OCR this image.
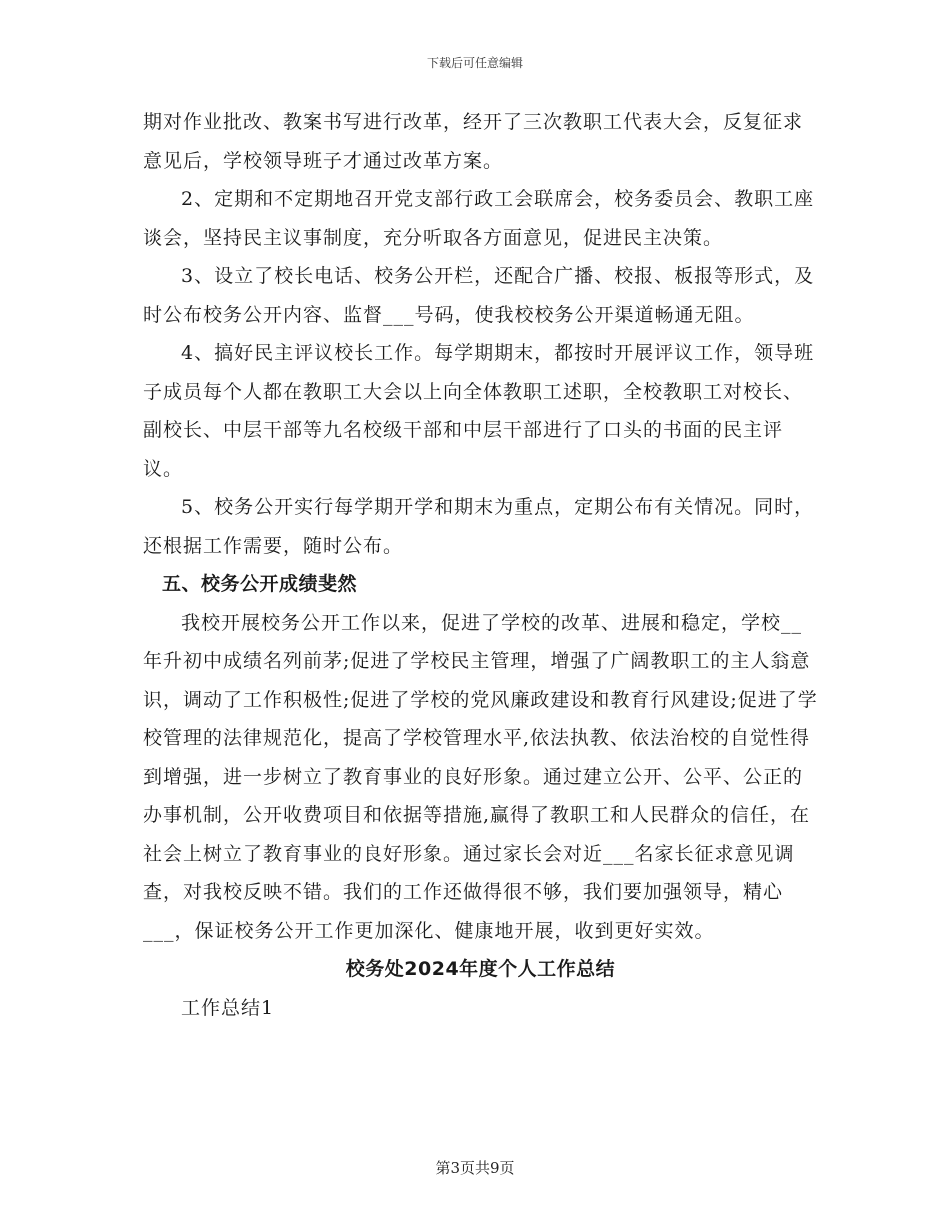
下载后可任意编辑

期对作业批改、教案书写进行改革，经开了三次教职工代表大会，反复征求意见后，学校领导班子才通过改革方案。

2、定期和不定期地召开党支部行政工会联席会，校务委员会、教职工座谈会，坚持民主议事制度，充分听取各方面意见，促进民主决策。

3、设立了校长电话、校务公开栏，还配合广播、校报、板报等形式，及时公布校务公开内容、监督___号码，使我校校务公开渠道畅通无阻。

4、搞好民主评议校长工作。每学期期末，都按时开展评议工作，领导班子成员每个人都在教职工大会以上向全体教职工述职，全校教职工对校长、副校长、中层干部等九名校级干部和中层干部进行了口头的书面的民主评议。

5、校务公开实行每学期开学和期末为重点，定期公布有关情况。同时，还根据工作需要，随时公布。

五、校务公开成绩斐然

我校开展校务公开工作以来，促进了学校的改革、进展和稳定，学校__年升初中成绩名列前茅;促进了学校民主管理，增强了广阔教职工的主人翁意识，调动了工作积极性;促进了学校的党风廉政建设和教育行风建设;促进了学校管理的法律规范化，提高了学校管理水平,依法执教、依法治校的自觉性得到增强，进一步树立了教育事业的良好形象。通过建立公开、公平、公正的办事机制，公开收费项目和依据等措施,赢得了教职工和人民群众的信任，在社会上树立了教育事业的良好形象。通过家长会对近___名家长征求意见调查，对我校反映不错。我们的工作还做得很不够，我们要加强领导，精心___，保证校务公开工作更加深化、健康地开展，收到更好实效。

校务处2024年度个人工作总结

工作总结1

第3页共9页
